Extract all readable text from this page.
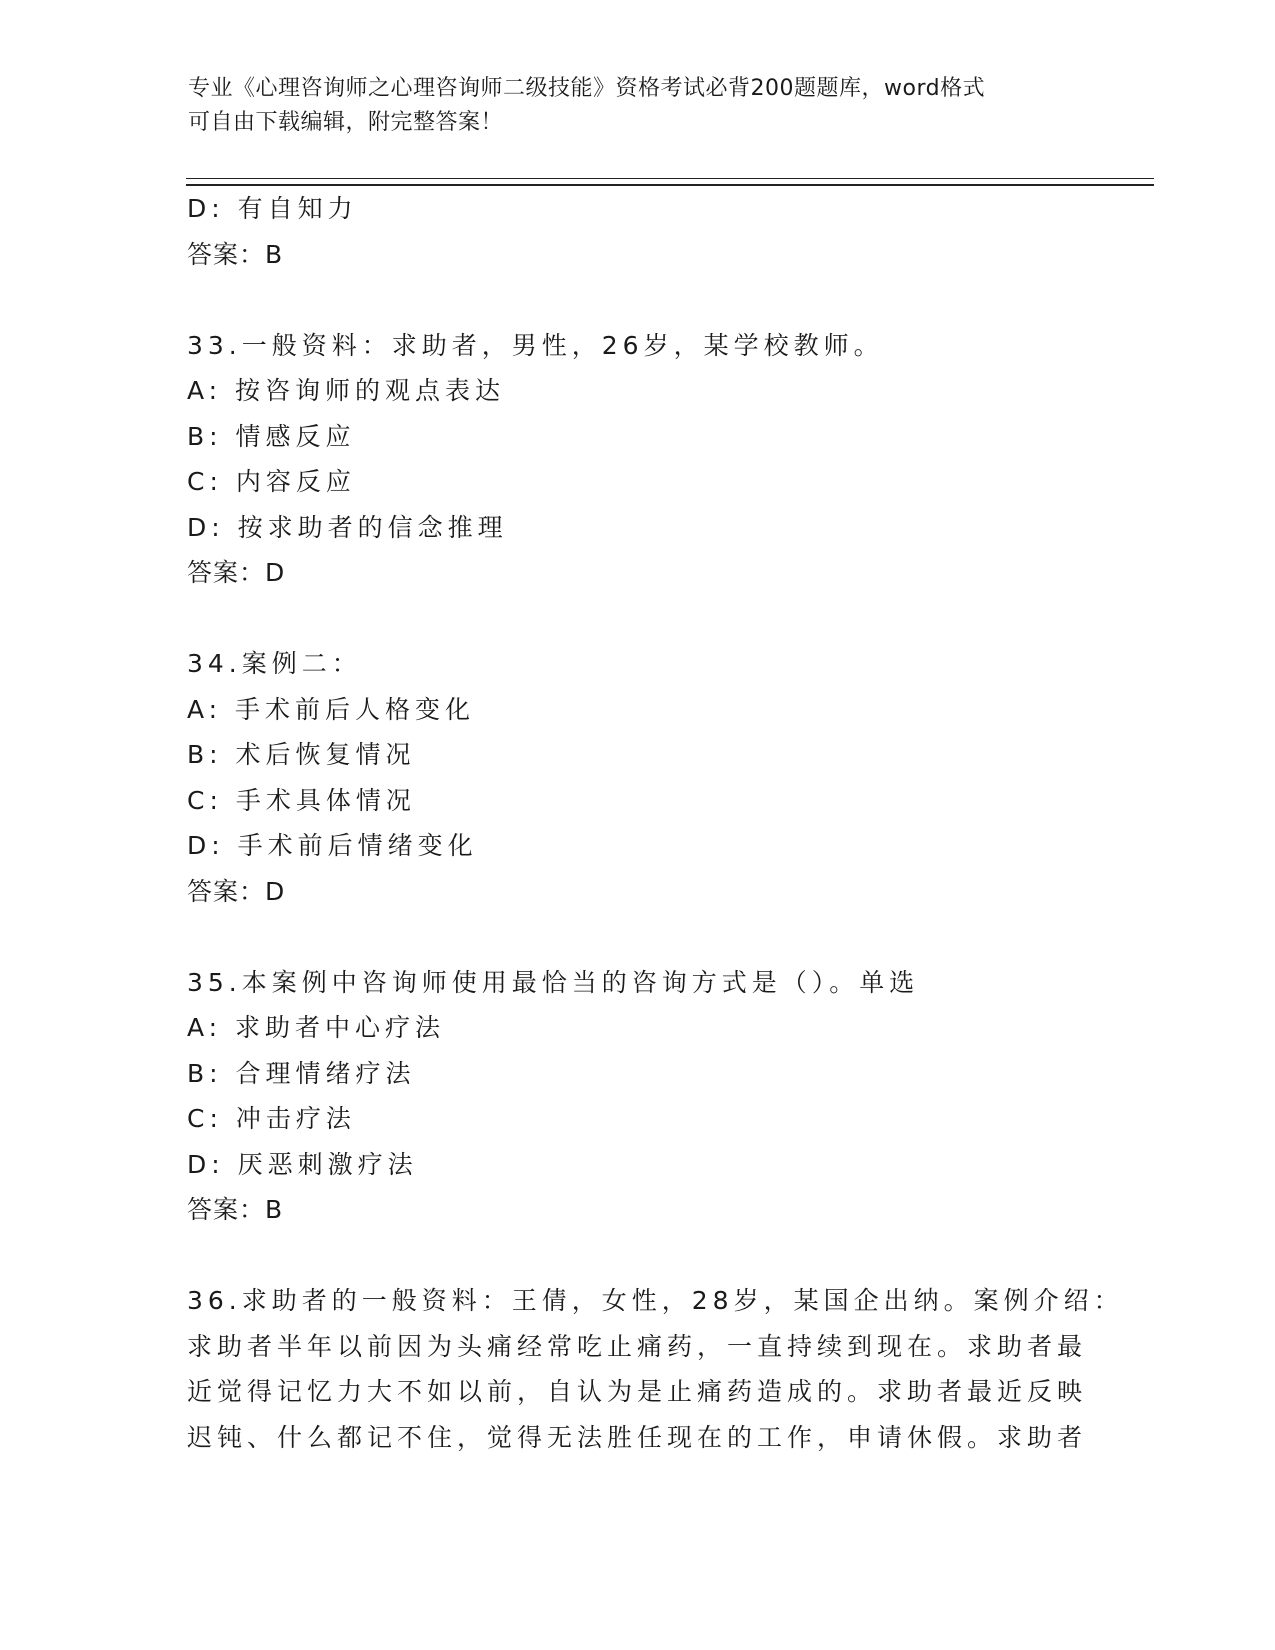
专业《心理咨询师之心理咨询师二级技能》资格考试必背200题题库，word格式
可自由下载编辑，附完整答案！
D: 有自知力
答案：B
33.一般资料：求助者，男性，26岁，某学校教师。
A: 按咨询师的观点表达
B: 情感反应
C: 内容反应
D: 按求助者的信念推理
答案：D
34.案例二：
A: 手术前后人格变化
B: 术后恢复情况
C: 手术具体情况
D: 手术前后情绪变化
答案：D
35.本案例中咨询师使用最恰当的咨询方式是（）。单选
A: 求助者中心疗法
B: 合理情绪疗法
C: 冲击疗法
D: 厌恶刺激疗法
答案：B
36.求助者的一般资料：王倩，女性，28岁，某国企出纳。案例介绍：
求助者半年以前因为头痛经常吃止痛药，一直持续到现在。求助者最
近觉得记忆力大不如以前，自认为是止痛药造成的。求助者最近反映
迟钝、什么都记不住，觉得无法胜任现在的工作，申请休假。求助者
